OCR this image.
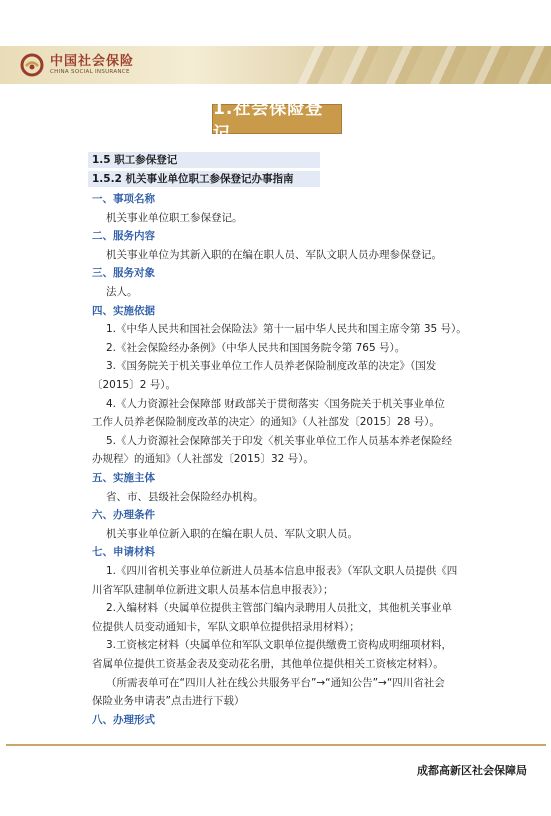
中国社会保险
CHINA SOCIAL INSURANCE
1.社会保险登记
1.5 职工参保登记
1.5.2 机关事业单位职工参保登记办事指南
一、事项名称
机关事业单位职工参保登记。
二、服务内容
机关事业单位为其新入职的在编在职人员、军队文职人员办理参保登记。
三、服务对象
法人。
四、实施依据
1.《中华人民共和国社会保险法》第十一届中华人民共和国主席令第 35 号）。
2.《社会保险经办条例》（中华人民共和国国务院令第 765 号）。
3.《国务院关于机关事业单位工作人员养老保险制度改革的决定》（国发
〔2015〕2 号）。
4.《人力资源社会保障部 财政部关于贯彻落实〈国务院关于机关事业单位
工作人员养老保险制度改革的决定〉的通知》（人社部发〔2015〕28 号）。
5.《人力资源社会保障部关于印发〈机关事业单位工作人员基本养老保险经
办规程〉的通知》（人社部发〔2015〕32 号）。
五、实施主体
省、市、县级社会保险经办机构。
六、办理条件
机关事业单位新入职的在编在职人员、军队文职人员。
七、申请材料
1.《四川省机关事业单位新进人员基本信息申报表》（军队文职人员提供《四
川省军队建制单位新进文职人员基本信息申报表》）；
2.入编材料（央属单位提供主管部门编内录聘用人员批文，其他机关事业单
位提供人员变动通知卡，军队文职单位提供招录用材料）；
3.工资核定材料（央属单位和军队文职单位提供缴费工资构成明细项材料，
省属单位提供工资基金表及变动花名册，其他单位提供相关工资核定材料）。
（所需表单可在“四川人社在线公共服务平台”→“通知公告”→“四川省社会
保险业务申请表”点击进行下载）
八、办理形式
成都高新区社会保障局
